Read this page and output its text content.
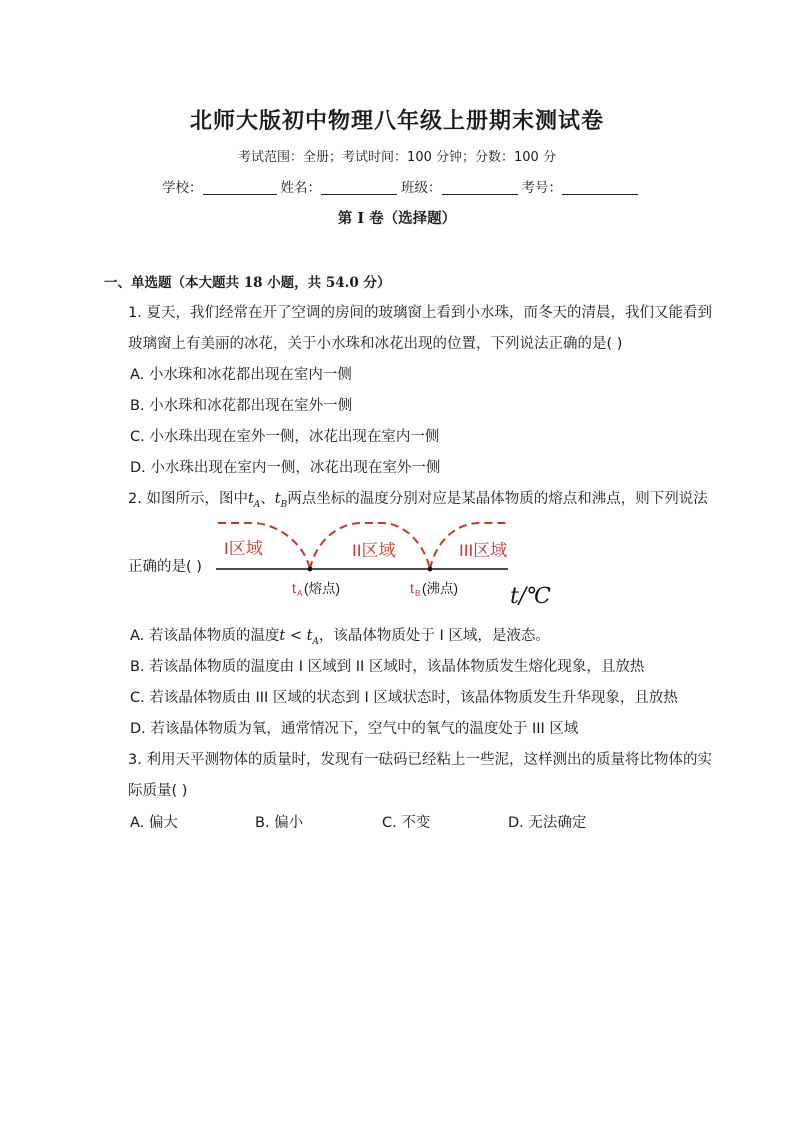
北师大版初中物理八年级上册期末测试卷
考试范围：全册；考试时间：100 分钟；分数：100 分
学校：	姓名：	班级：	考号：
第 I 卷（选择题）
一、单选题（本大题共 18 小题，共 54.0 分）
1. 夏天，我们经常在开了空调的房间的玻璃窗上看到小水珠，而冬天的清晨，我们又能看到
玻璃窗上有美丽的冰花，关于小水珠和冰花出现的位置，下列说法正确的是( )
A. 小水珠和冰花都出现在室内一侧
B. 小水珠和冰花都出现在室外一侧
C. 小水珠出现在室外一侧，冰花出现在室内一侧
D. 小水珠出现在室内一侧，冰花出现在室外一侧
2. 如图所示，图中$t_A$、$t_B$两点坐标的温度分别对应是某晶体物质的熔点和沸点，则下列说法
正确的是( )
I区域	II区域	III区域
t A (熔点)	t B (沸点) t/℃
A. 若该晶体物质的温度$t < t_A$，该晶体物质处于 I 区域，是液态。
B. 若该晶体物质的温度由 I 区域到 II 区域时，该晶体物质发生熔化现象，且放热
C. 若该晶体物质由 III 区域的状态到 I 区域状态时，该晶体物质发生升华现象，且放热
D. 若该晶体物质为氧，通常情况下，空气中的氧气的温度处于 III 区域
3. 利用天平测物体的质量时，发现有一砝码已经粘上一些泥，这样测出的质量将比物体的实
际质量( )
A. 偏大	B. 偏小	C. 不变	D. 无法确定
